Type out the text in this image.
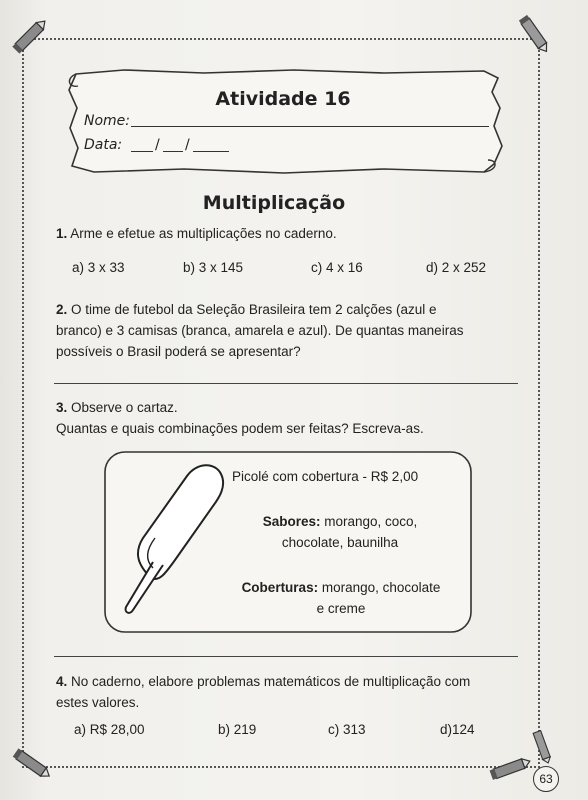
Atividade 16
Nome:
Data: / /
Multiplicação
1. Arme e efetue as multiplicações no caderno.
a) 3 x 33	b) 3 x 145	c) 4 x 16	d) 2 x 252
2. O time de futebol da Seleção Brasileira tem 2 calções (azul e
branco) e 3 camisas (branca, amarela e azul). De quantas maneiras
possíveis o Brasil poderá se apresentar?
3. Observe o cartaz.
Quantas e quais combinações podem ser feitas? Escreva-as.
Picolé com cobertura - R$ 2,00
Sabores: morango, coco,
chocolate, baunilha
Coberturas: morango, chocolate
e creme
4. No caderno, elabore problemas matemáticos de multiplicação com
estes valores.
a) R$ 28,00	b) 219	c) 313	d)124
63
